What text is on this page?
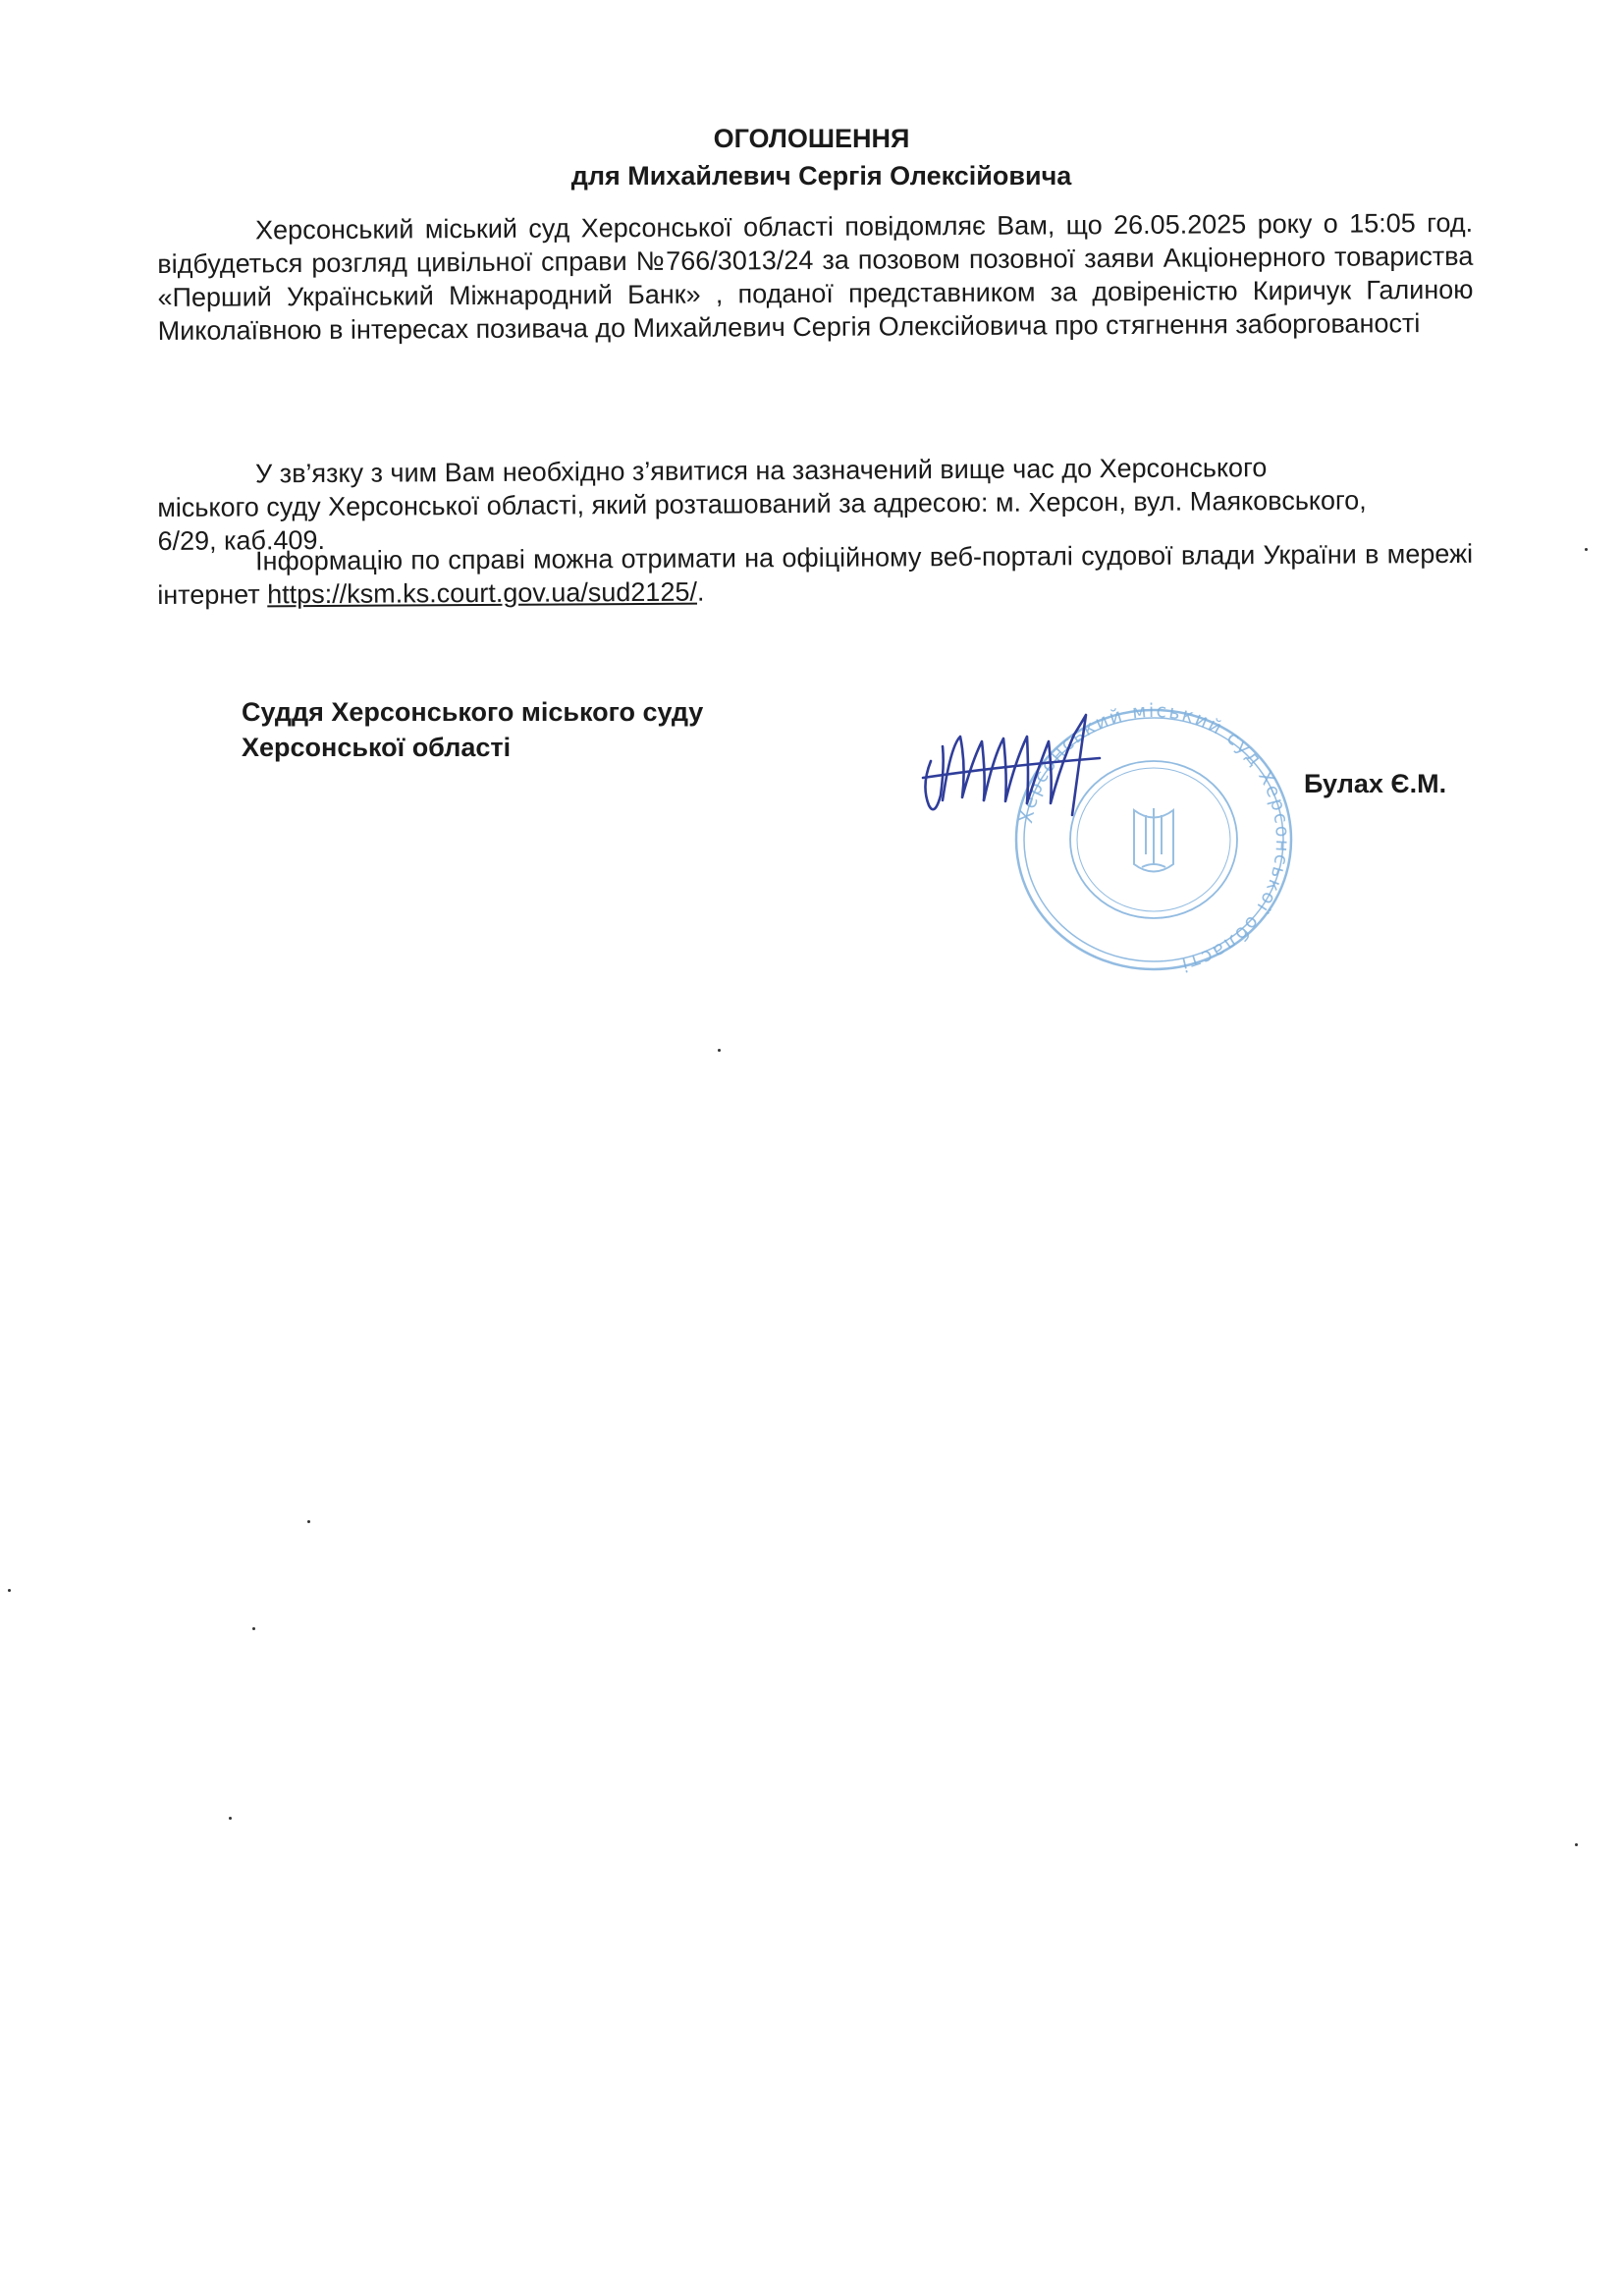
ОГОЛОШЕННЯ
для Михайлевич Сергія Олексійовича
Херсонський міський суд Херсонської області повідомляє Вам, що 26.05.2025 року о 15:05 год. відбудеться розгляд цивільної справи №766/3013/24 за позовом позовної заяви Акціонерного товариства «Перший Український Міжнародний Банк» , поданої представником за довіреністю Киричук Галиною Миколаївною в інтересах позивача до Михайлевич Сергія Олексійовича про стягнення заборгованості
У зв’язку з чим Вам необхідно з’явитися на зазначений вище час до Херсонського міського суду Херсонської області, який розташований за адресою: м. Херсон, вул. Маяковського, 6/29, каб.409.
Інформацію по справі можна отримати на офіційному веб-порталі судової влади України в мережі інтернет https://ksm.ks.court.gov.ua/sud2125/.
Суддя Херсонського міського суду
Херсонської області
Херсонський міський суд Херсонської області
Булах Є.М.
